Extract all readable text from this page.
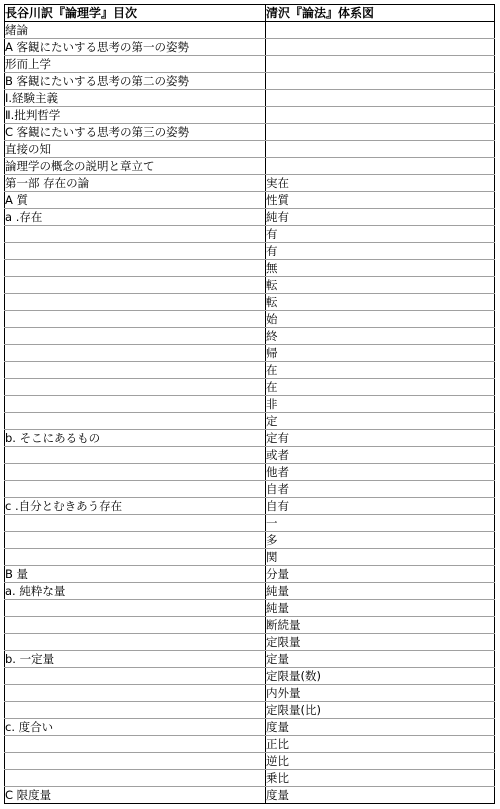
長谷川訳『論理学』目次	清沢『論法』体系図
緒論	
A 客観にたいする思考の第一の姿勢	
形而上学	
B 客観にたいする思考の第二の姿勢	
Ⅰ.経験主義	
Ⅱ.批判哲学	
C 客観にたいする思考の第三の姿勢	
直接の知	
論理学の概念の説明と章立て	
第一部 存在の論	実在
A 質	性質
a .存在	純有
	有
	有
	無
	転
	転
	始
	終
	帰
	在
	在
	非
	定
b. そこにあるもの	定有
	或者
	他者
	自者
c .自分とむきあう存在	自有
	一
	多
	関
B 量	分量
a. 純粋な量	純量
	純量
	断続量
	定限量
b. 一定量	定量
	定限量(数)
	内外量
	定限量(比)
c. 度合い	度量
	正比
	逆比
	乗比
C 限度量	度量
